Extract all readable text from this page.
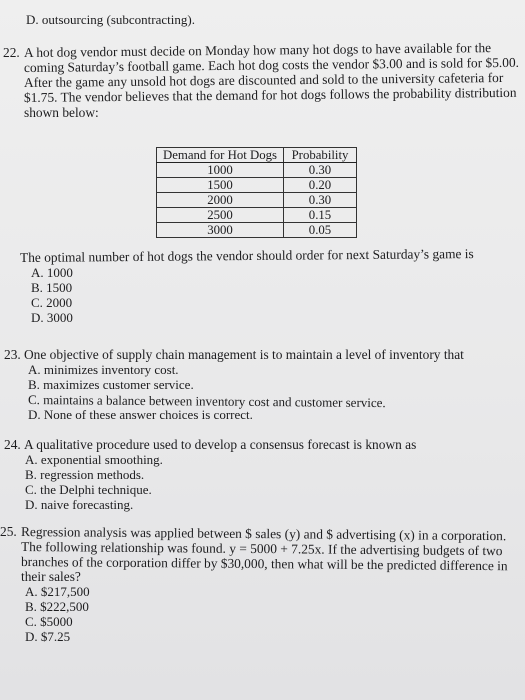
D. outsourcing (subcontracting).
22. A hot dog vendor must decide on Monday how many hot dogs to have available for the
coming Saturday’s football game. Each hot dog costs the vendor $3.00 and is sold for $5.00.
After the game any unsold hot dogs are discounted and sold to the university cafeteria for
$1.75. The vendor believes that the demand for hot dogs follows the probability distribution
shown below:
Demand for Hot Dogs	Probability
1000	0.30
1500	0.20
2000	0.30
2500	0.15
3000	0.05
The optimal number of hot dogs the vendor should order for next Saturday’s game is
A. 1000
B. 1500
C. 2000
D. 3000
23. One objective of supply chain management is to maintain a level of inventory that
A. minimizes inventory cost.
B. maximizes customer service.
C. maintains a balance between inventory cost and customer service.
D. None of these answer choices is correct.
24. A qualitative procedure used to develop a consensus forecast is known as
A. exponential smoothing.
B. regression methods.
C. the Delphi technique.
D. naive forecasting.
25. Regression analysis was applied between $ sales (y) and $ advertising (x) in a corporation.
The following relationship was found. y = 5000 + 7.25x. If the advertising budgets of two
branches of the corporation differ by $30,000, then what will be the predicted difference in
their sales?
A. $217,500
B. $222,500
C. $5000
D. $7.25
